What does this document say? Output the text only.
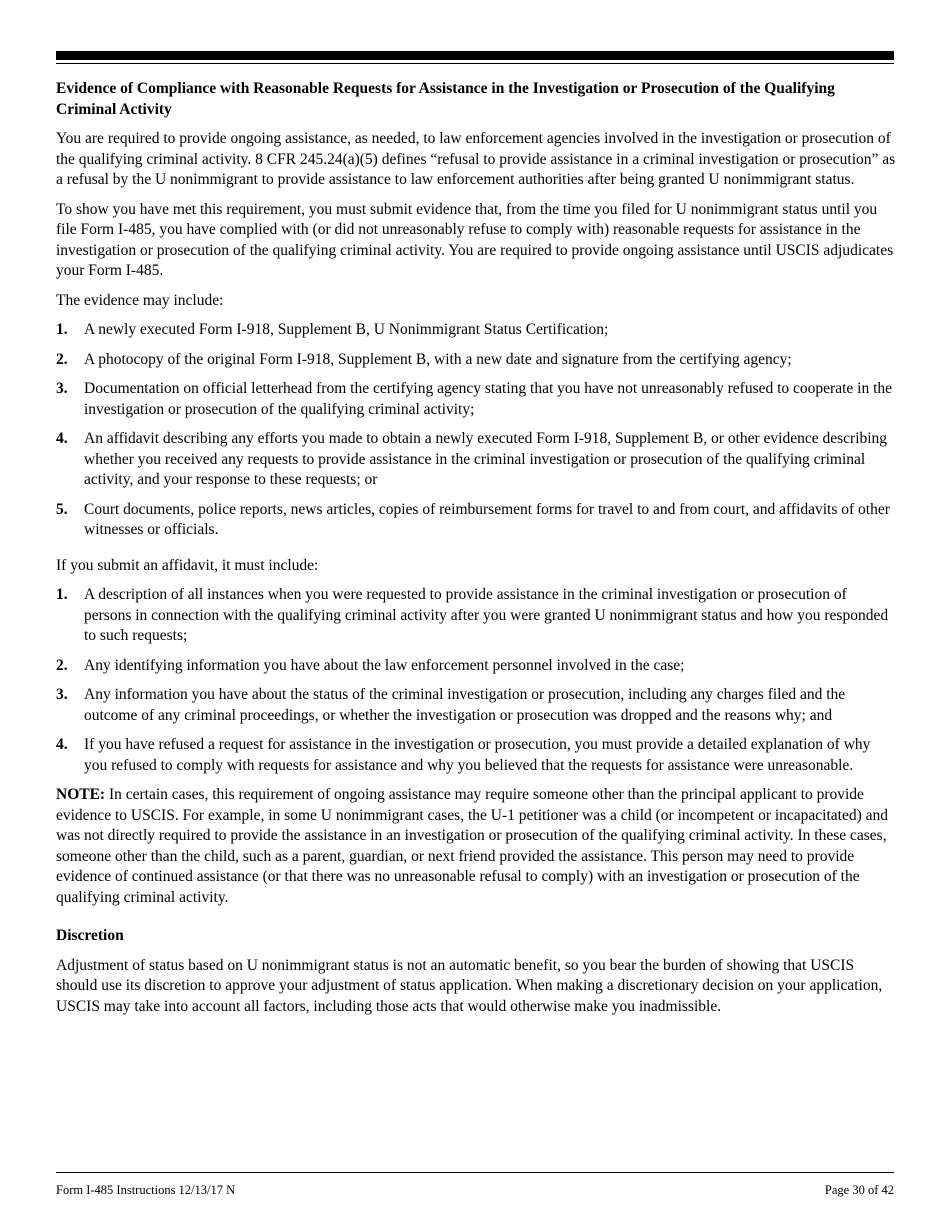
Evidence of Compliance with Reasonable Requests for Assistance in the Investigation or Prosecution of the Qualifying Criminal Activity

You are required to provide ongoing assistance, as needed, to law enforcement agencies involved in the investigation or prosecution of the qualifying criminal activity. 8 CFR 245.24(a)(5) defines “refusal to provide assistance in a criminal investigation or prosecution” as a refusal by the U nonimmigrant to provide assistance to law enforcement authorities after being granted U nonimmigrant status.

To show you have met this requirement, you must submit evidence that, from the time you filed for U nonimmigrant status until you file Form I-485, you have complied with (or did not unreasonably refuse to comply with) reasonable requests for assistance in the investigation or prosecution of the qualifying criminal activity. You are required to provide ongoing assistance until USCIS adjudicates your Form I-485.

The evidence may include:

1. A newly executed Form I-918, Supplement B, U Nonimmigrant Status Certification;
2. A photocopy of the original Form I-918, Supplement B, with a new date and signature from the certifying agency;
3. Documentation on official letterhead from the certifying agency stating that you have not unreasonably refused to cooperate in the investigation or prosecution of the qualifying criminal activity;
4. An affidavit describing any efforts you made to obtain a newly executed Form I-918, Supplement B, or other evidence describing whether you received any requests to provide assistance in the criminal investigation or prosecution of the qualifying criminal activity, and your response to these requests; or
5. Court documents, police reports, news articles, copies of reimbursement forms for travel to and from court, and affidavits of other witnesses or officials.

If you submit an affidavit, it must include:

1. A description of all instances when you were requested to provide assistance in the criminal investigation or prosecution of persons in connection with the qualifying criminal activity after you were granted U nonimmigrant status and how you responded to such requests;
2. Any identifying information you have about the law enforcement personnel involved in the case;
3. Any information you have about the status of the criminal investigation or prosecution, including any charges filed and the outcome of any criminal proceedings, or whether the investigation or prosecution was dropped and the reasons why; and
4. If you have refused a request for assistance in the investigation or prosecution, you must provide a detailed explanation of why you refused to comply with requests for assistance and why you believed that the requests for assistance were unreasonable.

NOTE: In certain cases, this requirement of ongoing assistance may require someone other than the principal applicant to provide evidence to USCIS. For example, in some U nonimmigrant cases, the U-1 petitioner was a child (or incompetent or incapacitated) and was not directly required to provide the assistance in an investigation or prosecution of the qualifying criminal activity. In these cases, someone other than the child, such as a parent, guardian, or next friend provided the assistance. This person may need to provide evidence of continued assistance (or that there was no unreasonable refusal to comply) with an investigation or prosecution of the qualifying criminal activity.

Discretion

Adjustment of status based on U nonimmigrant status is not an automatic benefit, so you bear the burden of showing that USCIS should use its discretion to approve your adjustment of status application. When making a discretionary decision on your application, USCIS may take into account all factors, including those acts that would otherwise make you inadmissible.

Form I-485 Instructions 12/13/17 N	Page 30 of 42
